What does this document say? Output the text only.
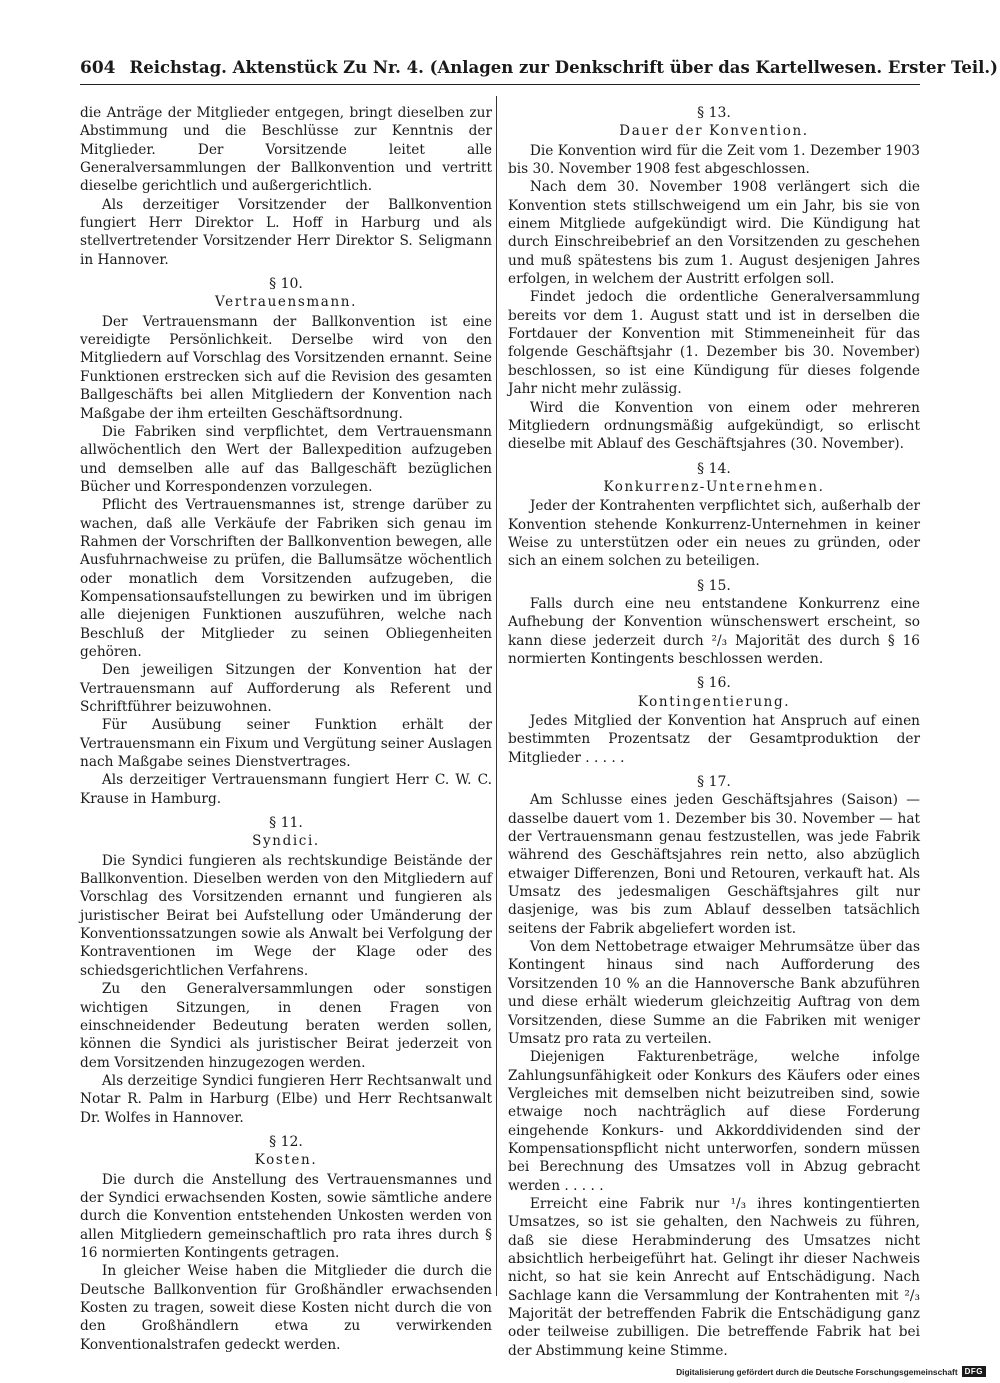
604 Reichstag. Aktenstück Zu Nr. 4. (Anlagen zur Denkschrift über das Kartellwesen. Erster Teil.)

die Anträge der Mitglieder entgegen, bringt dieselben zur Abstimmung und die Beschlüsse zur Kenntnis der Mitglieder. Der Vorsitzende leitet alle Generalversammlungen der Ballkonvention und vertritt dieselbe gerichtlich und außergerichtlich.

Als derzeitiger Vorsitzender der Ballkonvention fungiert Herr Direktor L. Hoff in Harburg und als stellvertretender Vorsitzender Herr Direktor S. Seligmann in Hannover.

§ 10.
Vertrauensmann.

Der Vertrauensmann der Ballkonvention ist eine vereidigte Persönlichkeit. Derselbe wird von den Mitgliedern auf Vorschlag des Vorsitzenden ernannt. Seine Funktionen erstrecken sich auf die Revision des gesamten Ballgeschäfts bei allen Mitgliedern der Konvention nach Maßgabe der ihm erteilten Geschäftsordnung.

Die Fabriken sind verpflichtet, dem Vertrauensmann allwöchentlich den Wert der Ballexpedition aufzugeben und demselben alle auf das Ballgeschäft bezüglichen Bücher und Korrespondenzen vorzulegen.

Pflicht des Vertrauensmannes ist, strenge darüber zu wachen, daß alle Verkäufe der Fabriken sich genau im Rahmen der Vorschriften der Ballkonvention bewegen, alle Ausfuhrnachweise zu prüfen, die Ballumsätze wöchentlich oder monatlich dem Vorsitzenden aufzugeben, die Kompensationsaufstellungen zu bewirken und im übrigen alle diejenigen Funktionen auszuführen, welche nach Beschluß der Mitglieder zu seinen Obliegenheiten gehören.

Den jeweiligen Sitzungen der Konvention hat der Vertrauensmann auf Aufforderung als Referent und Schriftführer beizuwohnen.

Für Ausübung seiner Funktion erhält der Vertrauensmann ein Fixum und Vergütung seiner Auslagen nach Maßgabe seines Dienstvertrages.

Als derzeitiger Vertrauensmann fungiert Herr C. W. C. Krause in Hamburg.

§ 11.
Syndici.

Die Syndici fungieren als rechtskundige Beistände der Ballkonvention. Dieselben werden von den Mitgliedern auf Vorschlag des Vorsitzenden ernannt und fungieren als juristischer Beirat bei Aufstellung oder Umänderung der Konventionssatzungen sowie als Anwalt bei Verfolgung der Kontraventionen im Wege der Klage oder des schiedsgerichtlichen Verfahrens.

Zu den Generalversammlungen oder sonstigen wichtigen Sitzungen, in denen Fragen von einschneidender Bedeutung beraten werden sollen, können die Syndici als juristischer Beirat jederzeit von dem Vorsitzenden hinzugezogen werden.

Als derzeitige Syndici fungieren Herr Rechtsanwalt und Notar R. Palm in Harburg (Elbe) und Herr Rechtsanwalt Dr. Wolfes in Hannover.

§ 12.
Kosten.

Die durch die Anstellung des Vertrauensmannes und der Syndici erwachsenden Kosten, sowie sämtliche andere durch die Konvention entstehenden Unkosten werden von allen Mitgliedern gemeinschaftlich pro rata ihres durch § 16 normierten Kontingents getragen.

In gleicher Weise haben die Mitglieder die durch die Deutsche Ballkonvention für Großhändler erwachsenden Kosten zu tragen, soweit diese Kosten nicht durch die von den Großhändlern etwa zu verwirkenden Konventionalstrafen gedeckt werden.

§ 13.
Dauer der Konvention.

Die Konvention wird für die Zeit vom 1. Dezember 1903 bis 30. November 1908 fest abgeschlossen.

Nach dem 30. November 1908 verlängert sich die Konvention stets stillschweigend um ein Jahr, bis sie von einem Mitgliede aufgekündigt wird. Die Kündigung hat durch Einschreibebrief an den Vorsitzenden zu geschehen und muß spätestens bis zum 1. August desjenigen Jahres erfolgen, in welchem der Austritt erfolgen soll.

Findet jedoch die ordentliche Generalversammlung bereits vor dem 1. August statt und ist in derselben die Fortdauer der Konvention mit Stimmeneinheit für das folgende Geschäftsjahr (1. Dezember bis 30. November) beschlossen, so ist eine Kündigung für dieses folgende Jahr nicht mehr zulässig.

Wird die Konvention von einem oder mehreren Mitgliedern ordnungsmäßig aufgekündigt, so erlischt dieselbe mit Ablauf des Geschäftsjahres (30. November).

§ 14.
Konkurrenz-Unternehmen.

Jeder der Kontrahenten verpflichtet sich, außerhalb der Konvention stehende Konkurrenz-Unternehmen in keiner Weise zu unterstützen oder ein neues zu gründen, oder sich an einem solchen zu beteiligen.

§ 15.

Falls durch eine neu entstandene Konkurrenz eine Aufhebung der Konvention wünschenswert erscheint, so kann diese jederzeit durch ²/₃ Majorität des durch § 16 normierten Kontingents beschlossen werden.

§ 16.
Kontingentierung.

Jedes Mitglied der Konvention hat Anspruch auf einen bestimmten Prozentsatz der Gesamtproduktion der Mitglieder . . . . .

§ 17.

Am Schlusse eines jeden Geschäftsjahres (Saison) — dasselbe dauert vom 1. Dezember bis 30. November — hat der Vertrauensmann genau festzustellen, was jede Fabrik während des Geschäftsjahres rein netto, also abzüglich etwaiger Differenzen, Boni und Retouren, verkauft hat. Als Umsatz des jedesmaligen Geschäftsjahres gilt nur dasjenige, was bis zum Ablauf desselben tatsächlich seitens der Fabrik abgeliefert worden ist.

Von dem Nettobetrage etwaiger Mehrumsätze über das Kontingent hinaus sind nach Aufforderung des Vorsitzenden 10 % an die Hannoversche Bank abzuführen und diese erhält wiederum gleichzeitig Auftrag von dem Vorsitzenden, diese Summe an die Fabriken mit weniger Umsatz pro rata zu verteilen.

Diejenigen Fakturenbeträge, welche infolge Zahlungsunfähigkeit oder Konkurs des Käufers oder eines Vergleiches mit demselben nicht beizutreiben sind, sowie etwaige noch nachträglich auf diese Forderung eingehende Konkurs- und Akkorddividenden sind der Kompensationspflicht nicht unterworfen, sondern müssen bei Berechnung des Umsatzes voll in Abzug gebracht werden . . . . .

Erreicht eine Fabrik nur ¹/₃ ihres kontingentierten Umsatzes, so ist sie gehalten, den Nachweis zu führen, daß sie diese Herabminderung des Umsatzes nicht absichtlich herbeigeführt hat. Gelingt ihr dieser Nachweis nicht, so hat sie kein Anrecht auf Entschädigung. Nach Sachlage kann die Versammlung der Kontrahenten mit ²/₃ Majorität der betreffenden Fabrik die Entschädigung ganz oder teilweise zubilligen. Die betreffende Fabrik hat bei der Abstimmung keine Stimme.

Digitalisierung gefördert durch die Deutsche Forschungsgemeinschaft DFG
